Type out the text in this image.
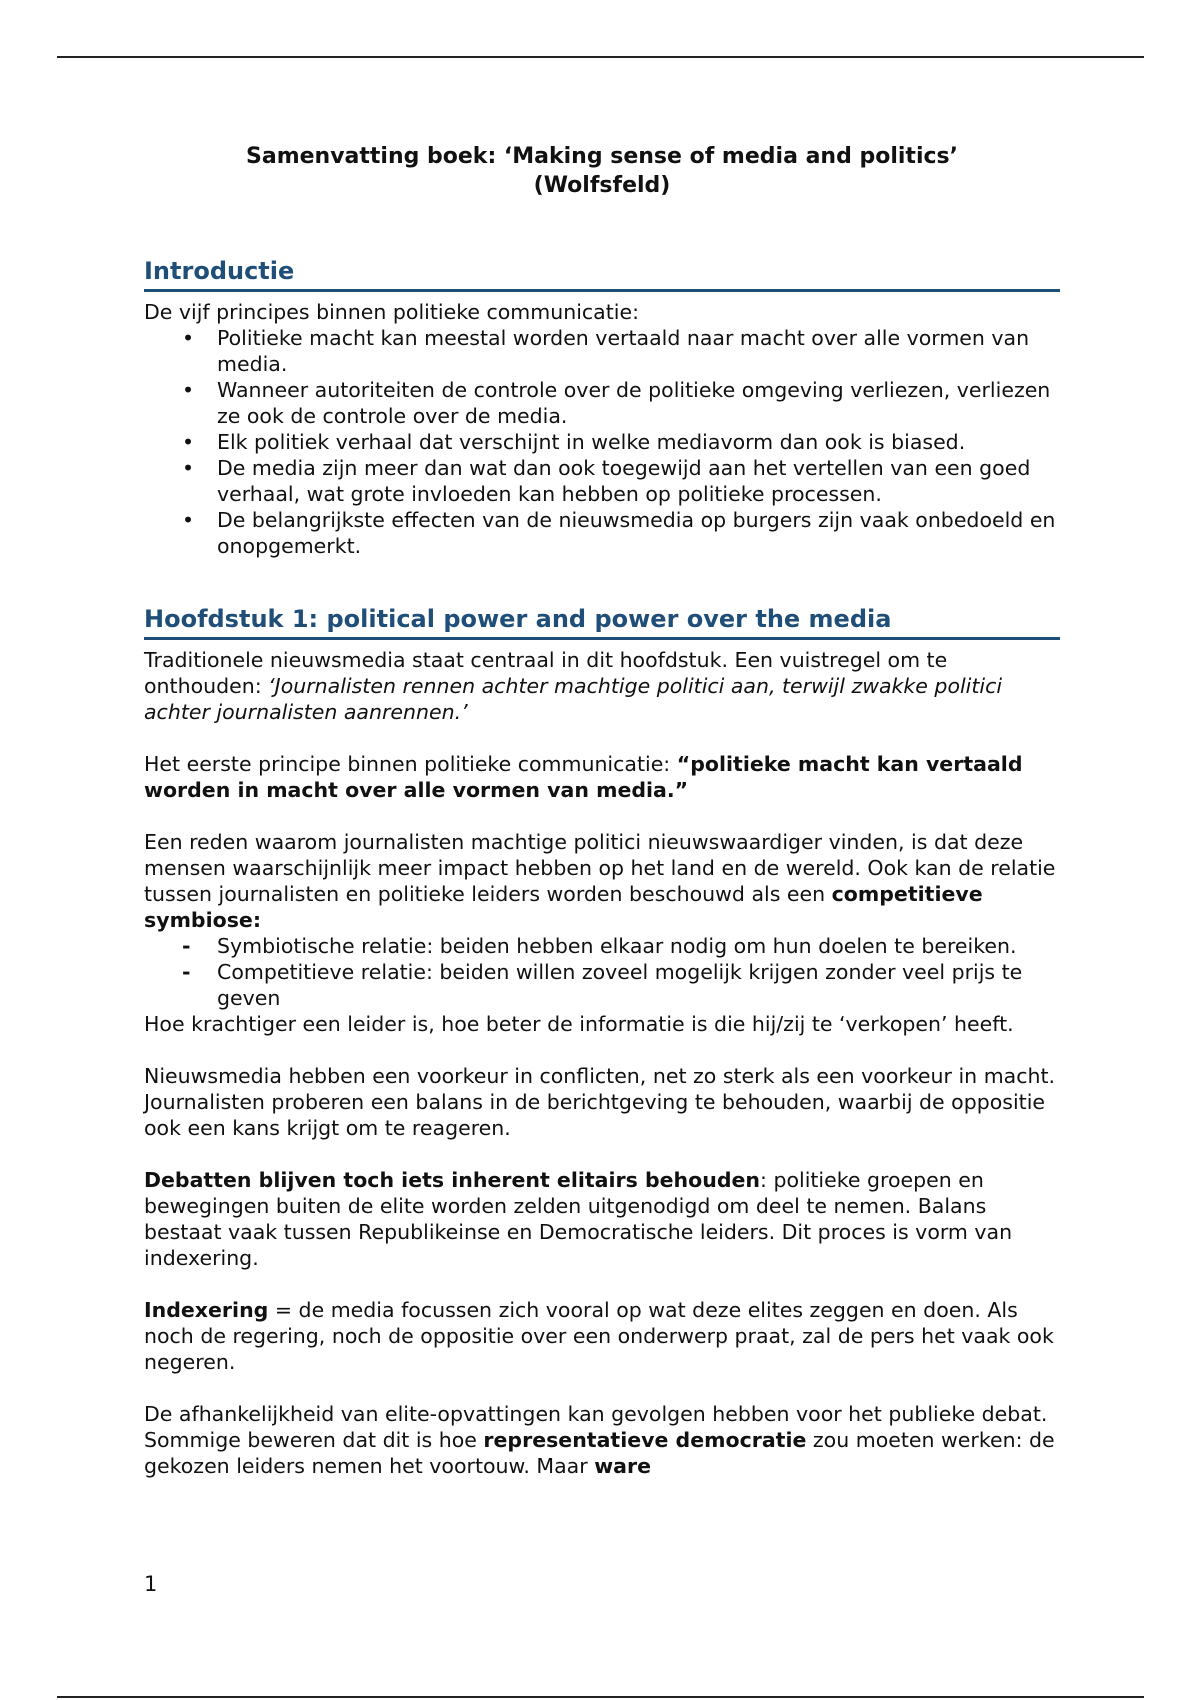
Samenvatting boek: ‘Making sense of media and politics’
(Wolfsfeld)
Introductie

De vijf principes binnen politieke communicatie:

• Politieke macht kan meestal worden vertaald naar macht over alle vormen van media.
• Wanneer autoriteiten de controle over de politieke omgeving verliezen, verliezen ze ook de controle over de media.
• Elk politiek verhaal dat verschijnt in welke mediavorm dan ook is biased.
• De media zijn meer dan wat dan ook toegewijd aan het vertellen van een goed verhaal, wat grote invloeden kan hebben op politieke processen.
• De belangrijkste effecten van de nieuwsmedia op burgers zijn vaak onbedoeld en onopgemerkt.
Hoofdstuk 1: political power and power over the media

Traditionele nieuwsmedia staat centraal in dit hoofdstuk. Een vuistregel om te onthouden: ‘Journalisten rennen achter machtige politici aan, terwijl zwakke politici achter journalisten aanrennen.’

Het eerste principe binnen politieke communicatie: “politieke macht kan vertaald worden in macht over alle vormen van media.”

Een reden waarom journalisten machtige politici nieuwswaardiger vinden, is dat deze mensen waarschijnlijk meer impact hebben op het land en de wereld. Ook kan de relatie tussen journalisten en politieke leiders worden beschouwd als een competitieve symbiose:

- Symbiotische relatie: beiden hebben elkaar nodig om hun doelen te bereiken.
- Competitieve relatie: beiden willen zoveel mogelijk krijgen zonder veel prijs te geven

Hoe krachtiger een leider is, hoe beter de informatie is die hij/zij te ‘verkopen’ heeft.

Nieuwsmedia hebben een voorkeur in conflicten, net zo sterk als een voorkeur in macht. Journalisten proberen een balans in de berichtgeving te behouden, waarbij de oppositie ook een kans krijgt om te reageren.

Debatten blijven toch iets inherent elitairs behouden: politieke groepen en bewegingen buiten de elite worden zelden uitgenodigd om deel te nemen. Balans bestaat vaak tussen Republikeinse en Democratische leiders. Dit proces is vorm van indexering.

Indexering = de media focussen zich vooral op wat deze elites zeggen en doen. Als noch de regering, noch de oppositie over een onderwerp praat, zal de pers het vaak ook negeren.

De afhankelijkheid van elite-opvattingen kan gevolgen hebben voor het publieke debat. Sommige beweren dat dit is hoe representatieve democratie zou moeten werken: de gekozen leiders nemen het voortouw. Maar ware

1
